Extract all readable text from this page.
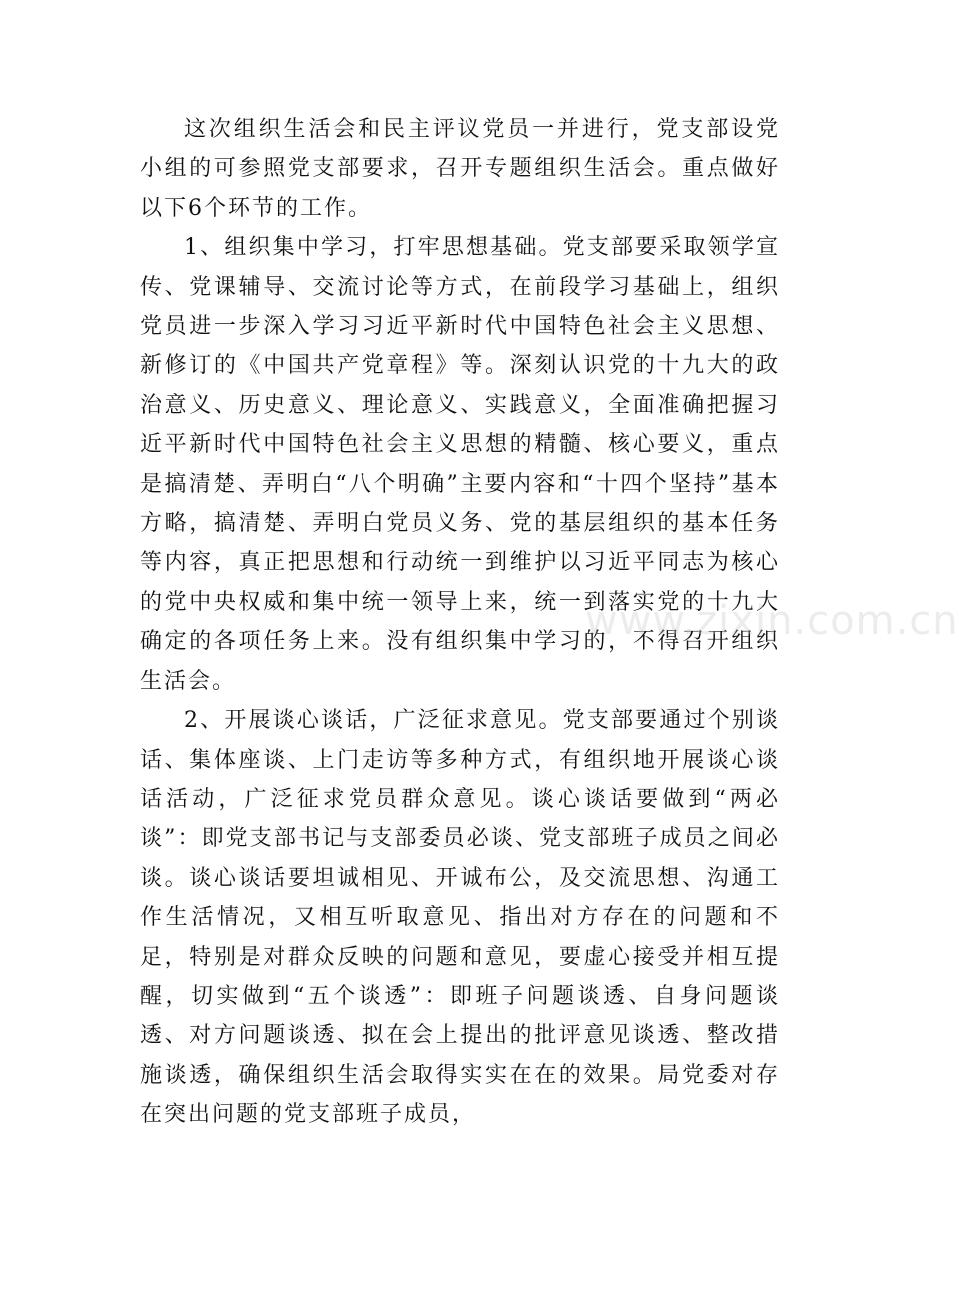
这次组织生活会和民主评议党员一并进行，党支部设党小组的可参照党支部要求，召开专题组织生活会。重点做好以下6个环节的工作。

1、组织集中学习，打牢思想基础。党支部要采取领学宣传、党课辅导、交流讨论等方式，在前段学习基础上，组织党员进一步深入学习习近平新时代中国特色社会主义思想、新修订的《中国共产党章程》等。深刻认识党的十九大的政治意义、历史意义、理论意义、实践意义，全面准确把握习近平新时代中国特色社会主义思想的精髓、核心要义，重点是搞清楚、弄明白“八个明确”主要内容和“十四个坚持”基本方略，搞清楚、弄明白党员义务、党的基层组织的基本任务等内容，真正把思想和行动统一到维护以习近平同志为核心的党中央权威和集中统一领导上来，统一到落实党的十九大确定的各项任务上来。没有组织集中学习的，不得召开组织生活会。

2、开展谈心谈话，广泛征求意见。党支部要通过个别谈话、集体座谈、上门走访等多种方式，有组织地开展谈心谈话活动，广泛征求党员群众意见。谈心谈话要做到“两必谈”：即党支部书记与支部委员必谈、党支部班子成员之间必谈。谈心谈话要坦诚相见、开诚布公，及交流思想、沟通工作生活情况，又相互听取意见、指出对方存在的问题和不足，特别是对群众反映的问题和意见，要虚心接受并相互提醒，切实做到“五个谈透”：即班子问题谈透、自身问题谈透、对方问题谈透、拟在会上提出的批评意见谈透、整改措施谈透，确保组织生活会取得实实在在的效果。局党委对存在突出问题的党支部班子成员，

www.zixin.com.cn
